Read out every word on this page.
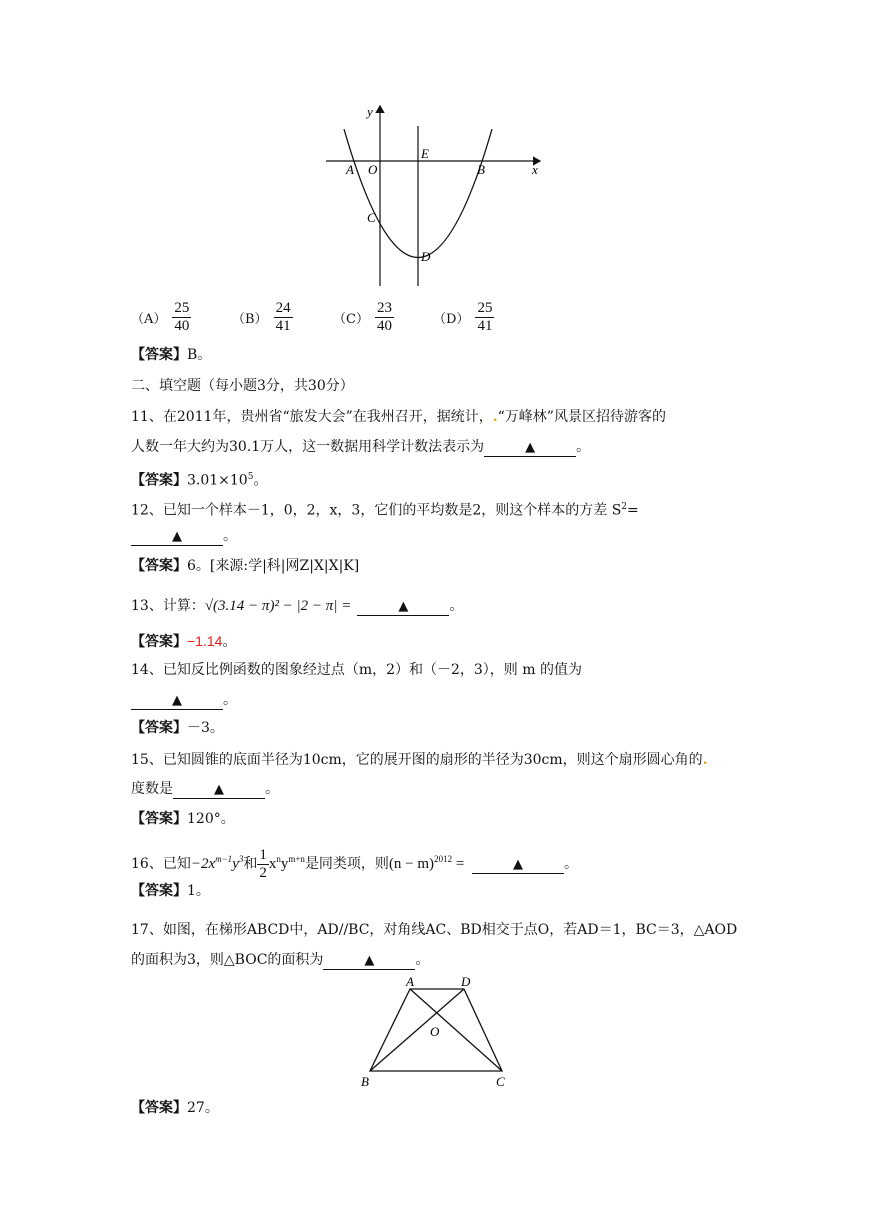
y
x
E
A O	B
C
D
$(A) \frac{25}{40}$	$(B) \frac{24}{41}$	$(C) \frac{23}{40}$	$(D) \frac{25}{41}$
【答案】B。
二、填空题（每小题3分，共30分）
11、在2011年，贵州省“旅发大会”在我州召开，据统计，.“万峰林”风景区招待游客的
人数一年大约为30.1万人，这一数据用科学计数法表示为	▲	。
【答案】$3.01\times 10^5$。
12、已知一个样本－1，0，2，x，3，它们的平均数是2，则这个样本的方差 $S^2=$
▲	。
【答案】6。[来源:学|科|网Z|X|X|K]
13、计算：√(3.14 − π)² − |2 − π| =	▲	。
【答案】−1.14。
14、已知反比例函数的图象经过点（m，2）和（－2，3），则 m 的值为
▲	。
【答案】－3。
15、已知圆锥的底面半径为10cm，它的展开图的扇形的半径为30cm，则这个扇形圆心角的.
度数是	▲	。
【答案】120°。
16、已知$-2x^{m-1}y^3$和 $\frac{1}{2} x^ny^{m+n}$是同类项，则$(n - m)^{2012}$ =	▲	。
【答案】1。
17、如图，在梯形ABCD中，AD//BC，对角线AC、BD相交于点O，若AD＝1，BC＝3，△AOD
的面积为3，则△BOC的面积为	▲	。
A	D
O
B	C
【答案】27。
